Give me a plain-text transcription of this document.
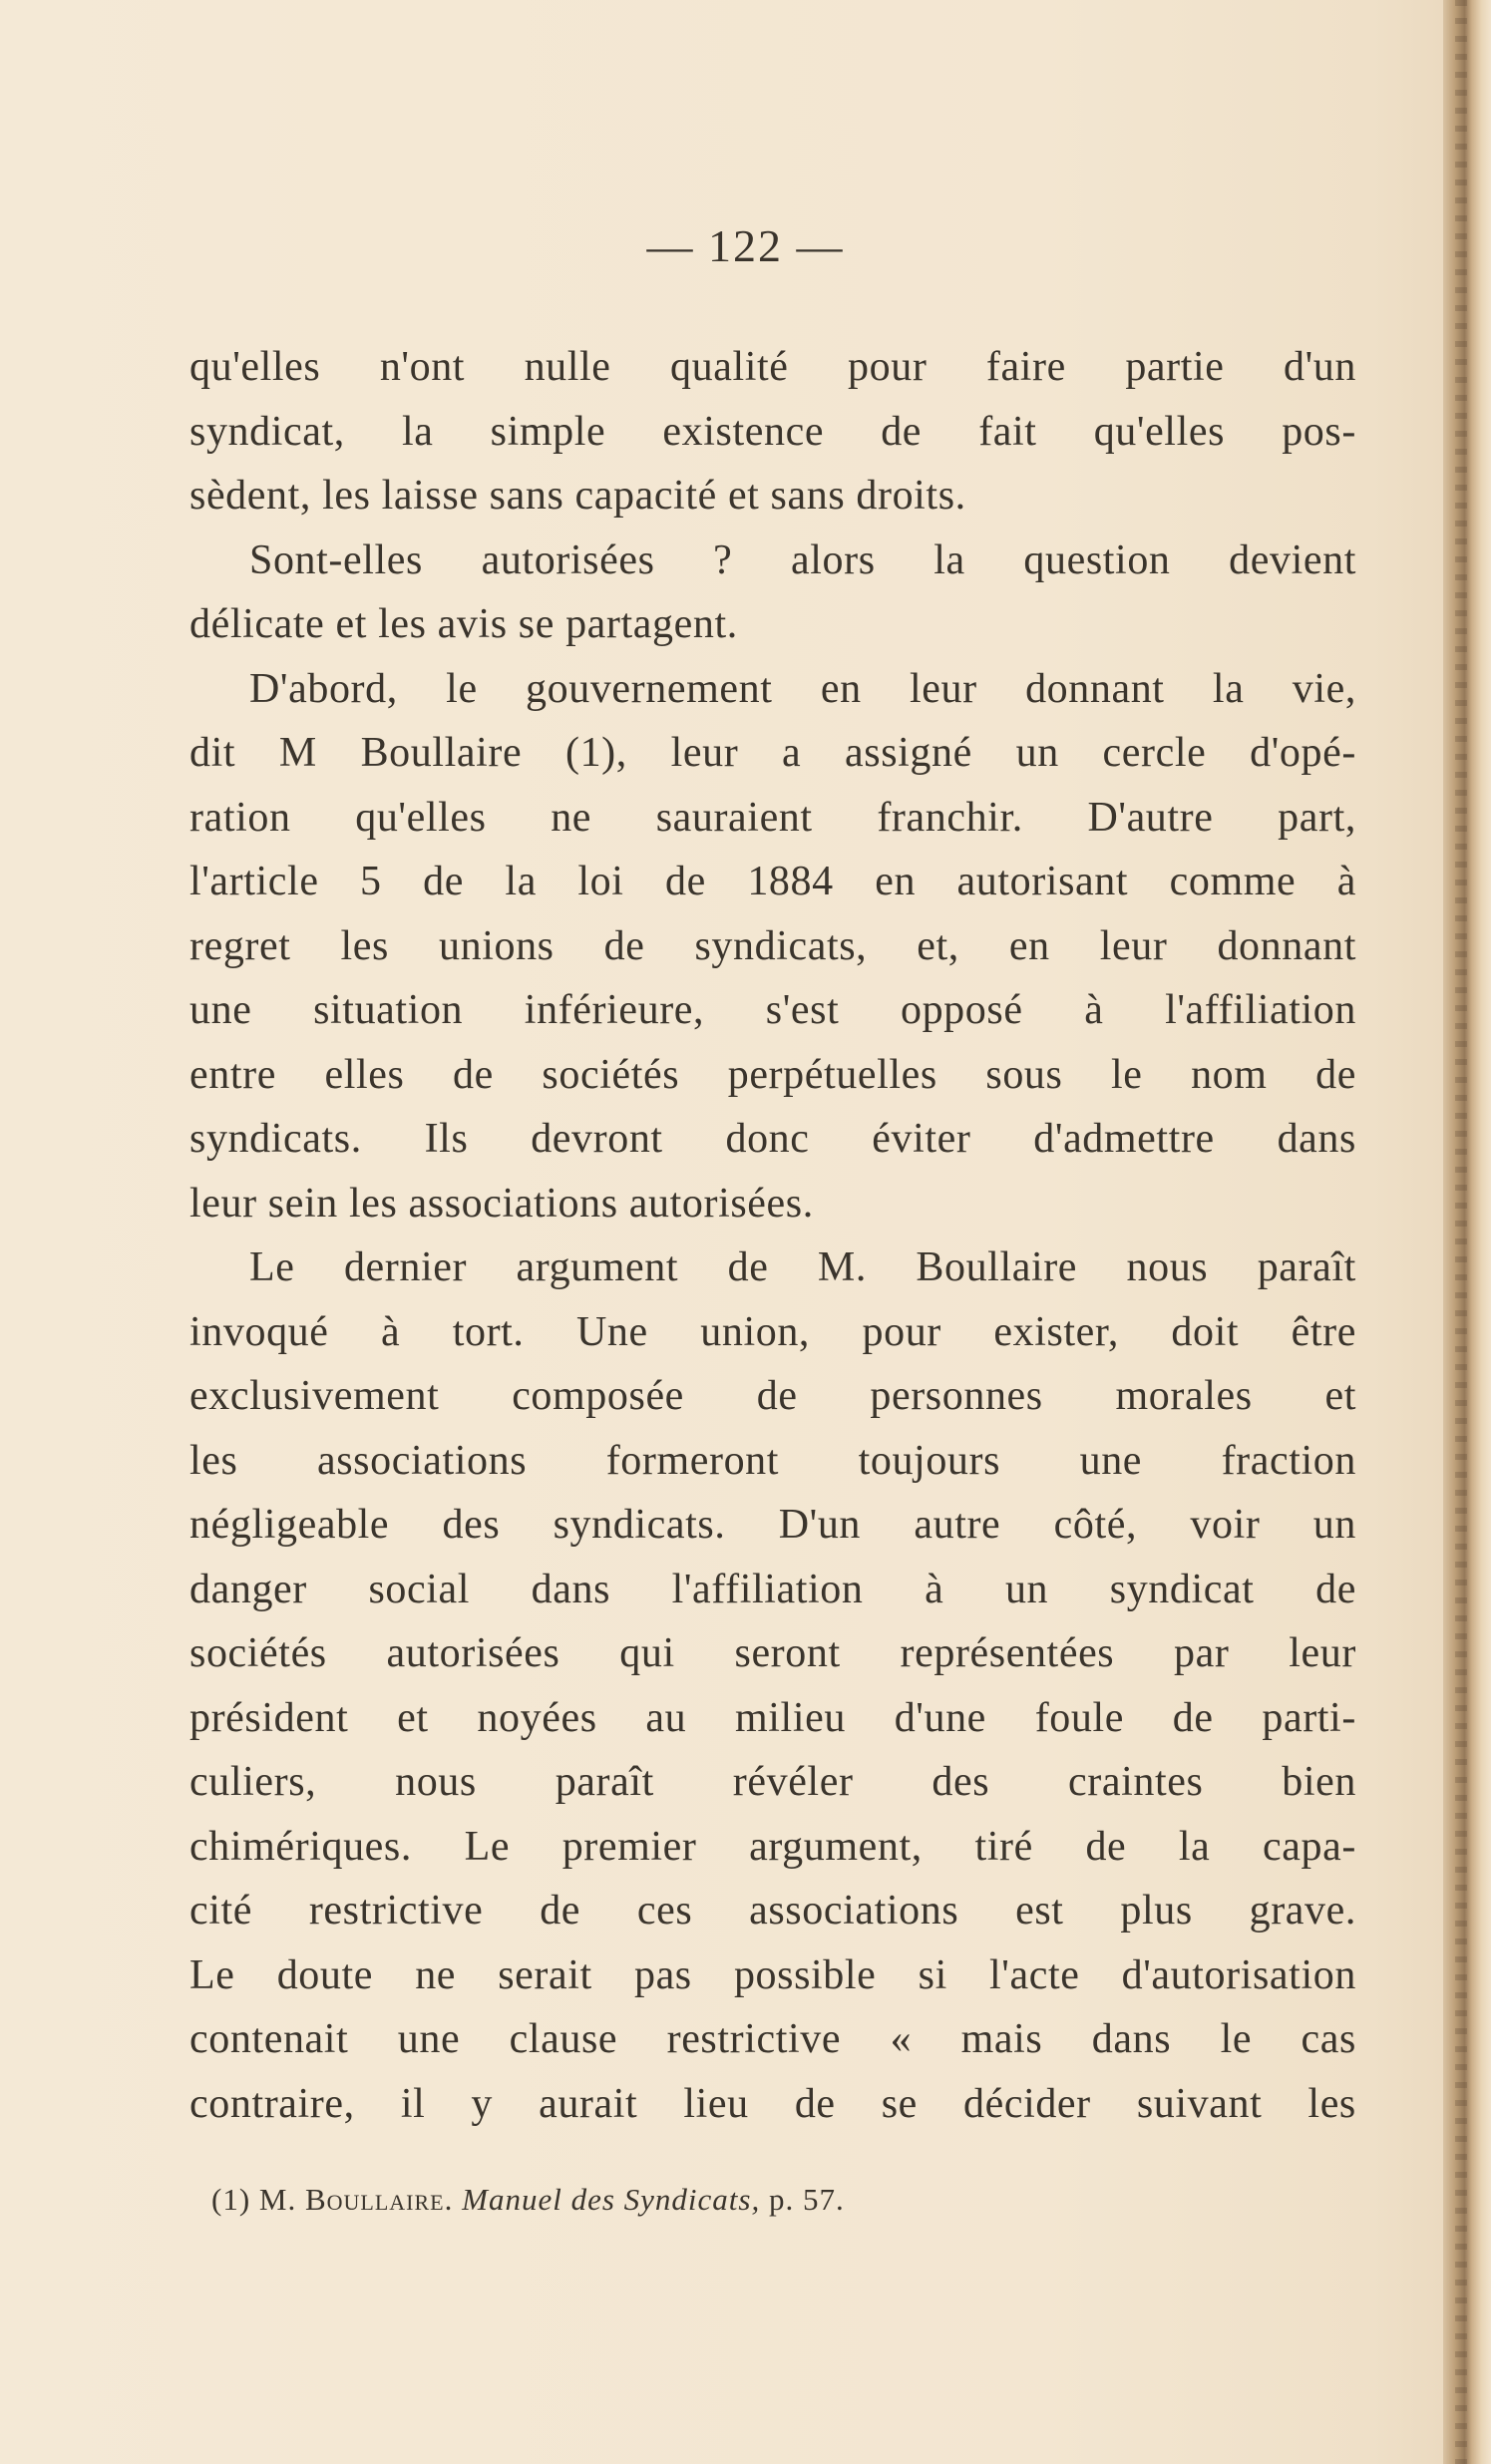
— 122 —
qu'elles n'ont nulle qualité pour faire partie d'un
syndicat, la simple existence de fait qu'elles pos-
sèdent, les laisse sans capacité et sans droits.
Sont-elles autorisées ? alors la question devient
délicate et les avis se partagent.
D'abord, le gouvernement en leur donnant la vie,
dit M Boullaire (1), leur a assigné un cercle d'opé-
ration qu'elles ne sauraient franchir. D'autre part,
l'article 5 de la loi de 1884 en autorisant comme à
regret les unions de syndicats, et, en leur donnant
une situation inférieure, s'est opposé à l'affiliation
entre elles de sociétés perpétuelles sous le nom de
syndicats. Ils devront donc éviter d'admettre dans
leur sein les associations autorisées.
Le dernier argument de M. Boullaire nous paraît
invoqué à tort. Une union, pour exister, doit être
exclusivement composée de personnes morales et
les associations formeront toujours une fraction
négligeable des syndicats. D'un autre côté, voir un
danger social dans l'affiliation à un syndicat de
sociétés autorisées qui seront représentées par leur
président et noyées au milieu d'une foule de parti-
culiers, nous paraît révéler des craintes bien
chimériques. Le premier argument, tiré de la capa-
cité restrictive de ces associations est plus grave.
Le doute ne serait pas possible si l'acte d'autorisation
contenait une clause restrictive « mais dans le cas
contraire, il y aurait lieu de se décider suivant les
(1) M. Boullaire. Manuel des Syndicats, p. 57.
